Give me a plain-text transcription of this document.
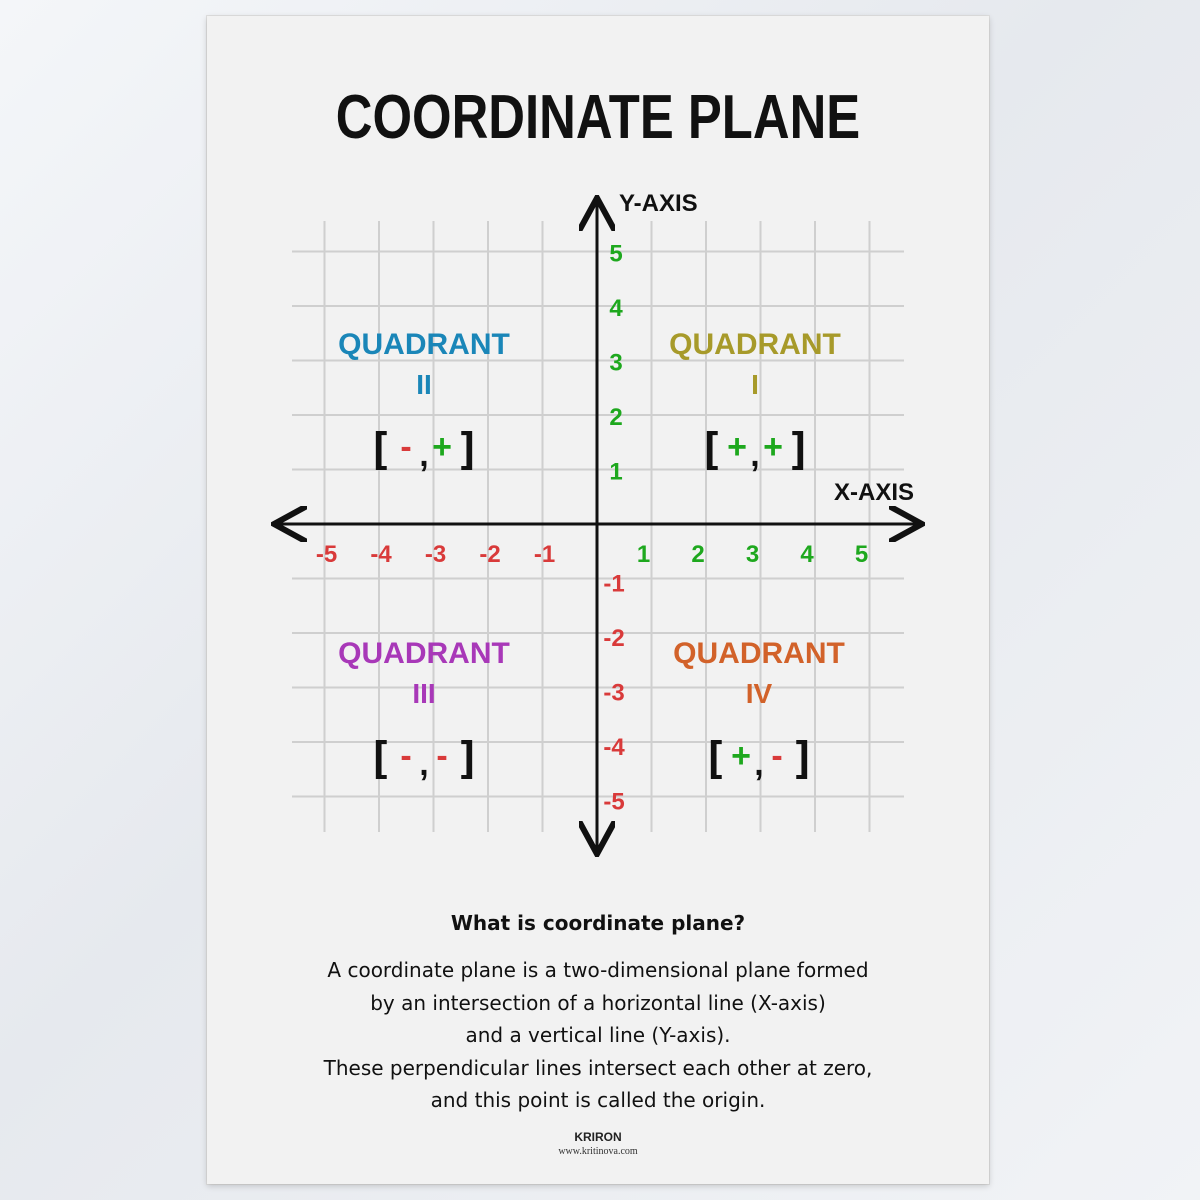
COORDINATE PLANE
-5 -4 -3 -2 -1	1 2 3 4 5
5
4
3
2
1
-1
-2
-3
-4
-5
QUADRANT
I
[ + , + ]
QUADRANT
II
[ - , + ]
QUADRANT
III
[ - , - ]
QUADRANT
IV
[ + , - ]
Y-AXIS
X-AXIS
What is coordinate plane?
A coordinate plane is a two-dimensional plane formed
by an intersection of a horizontal line (X-axis)
and a vertical line (Y-axis).
These perpendicular lines intersect each other at zero,
and this point is called the origin.
KRIRON
www.kritinova.com
